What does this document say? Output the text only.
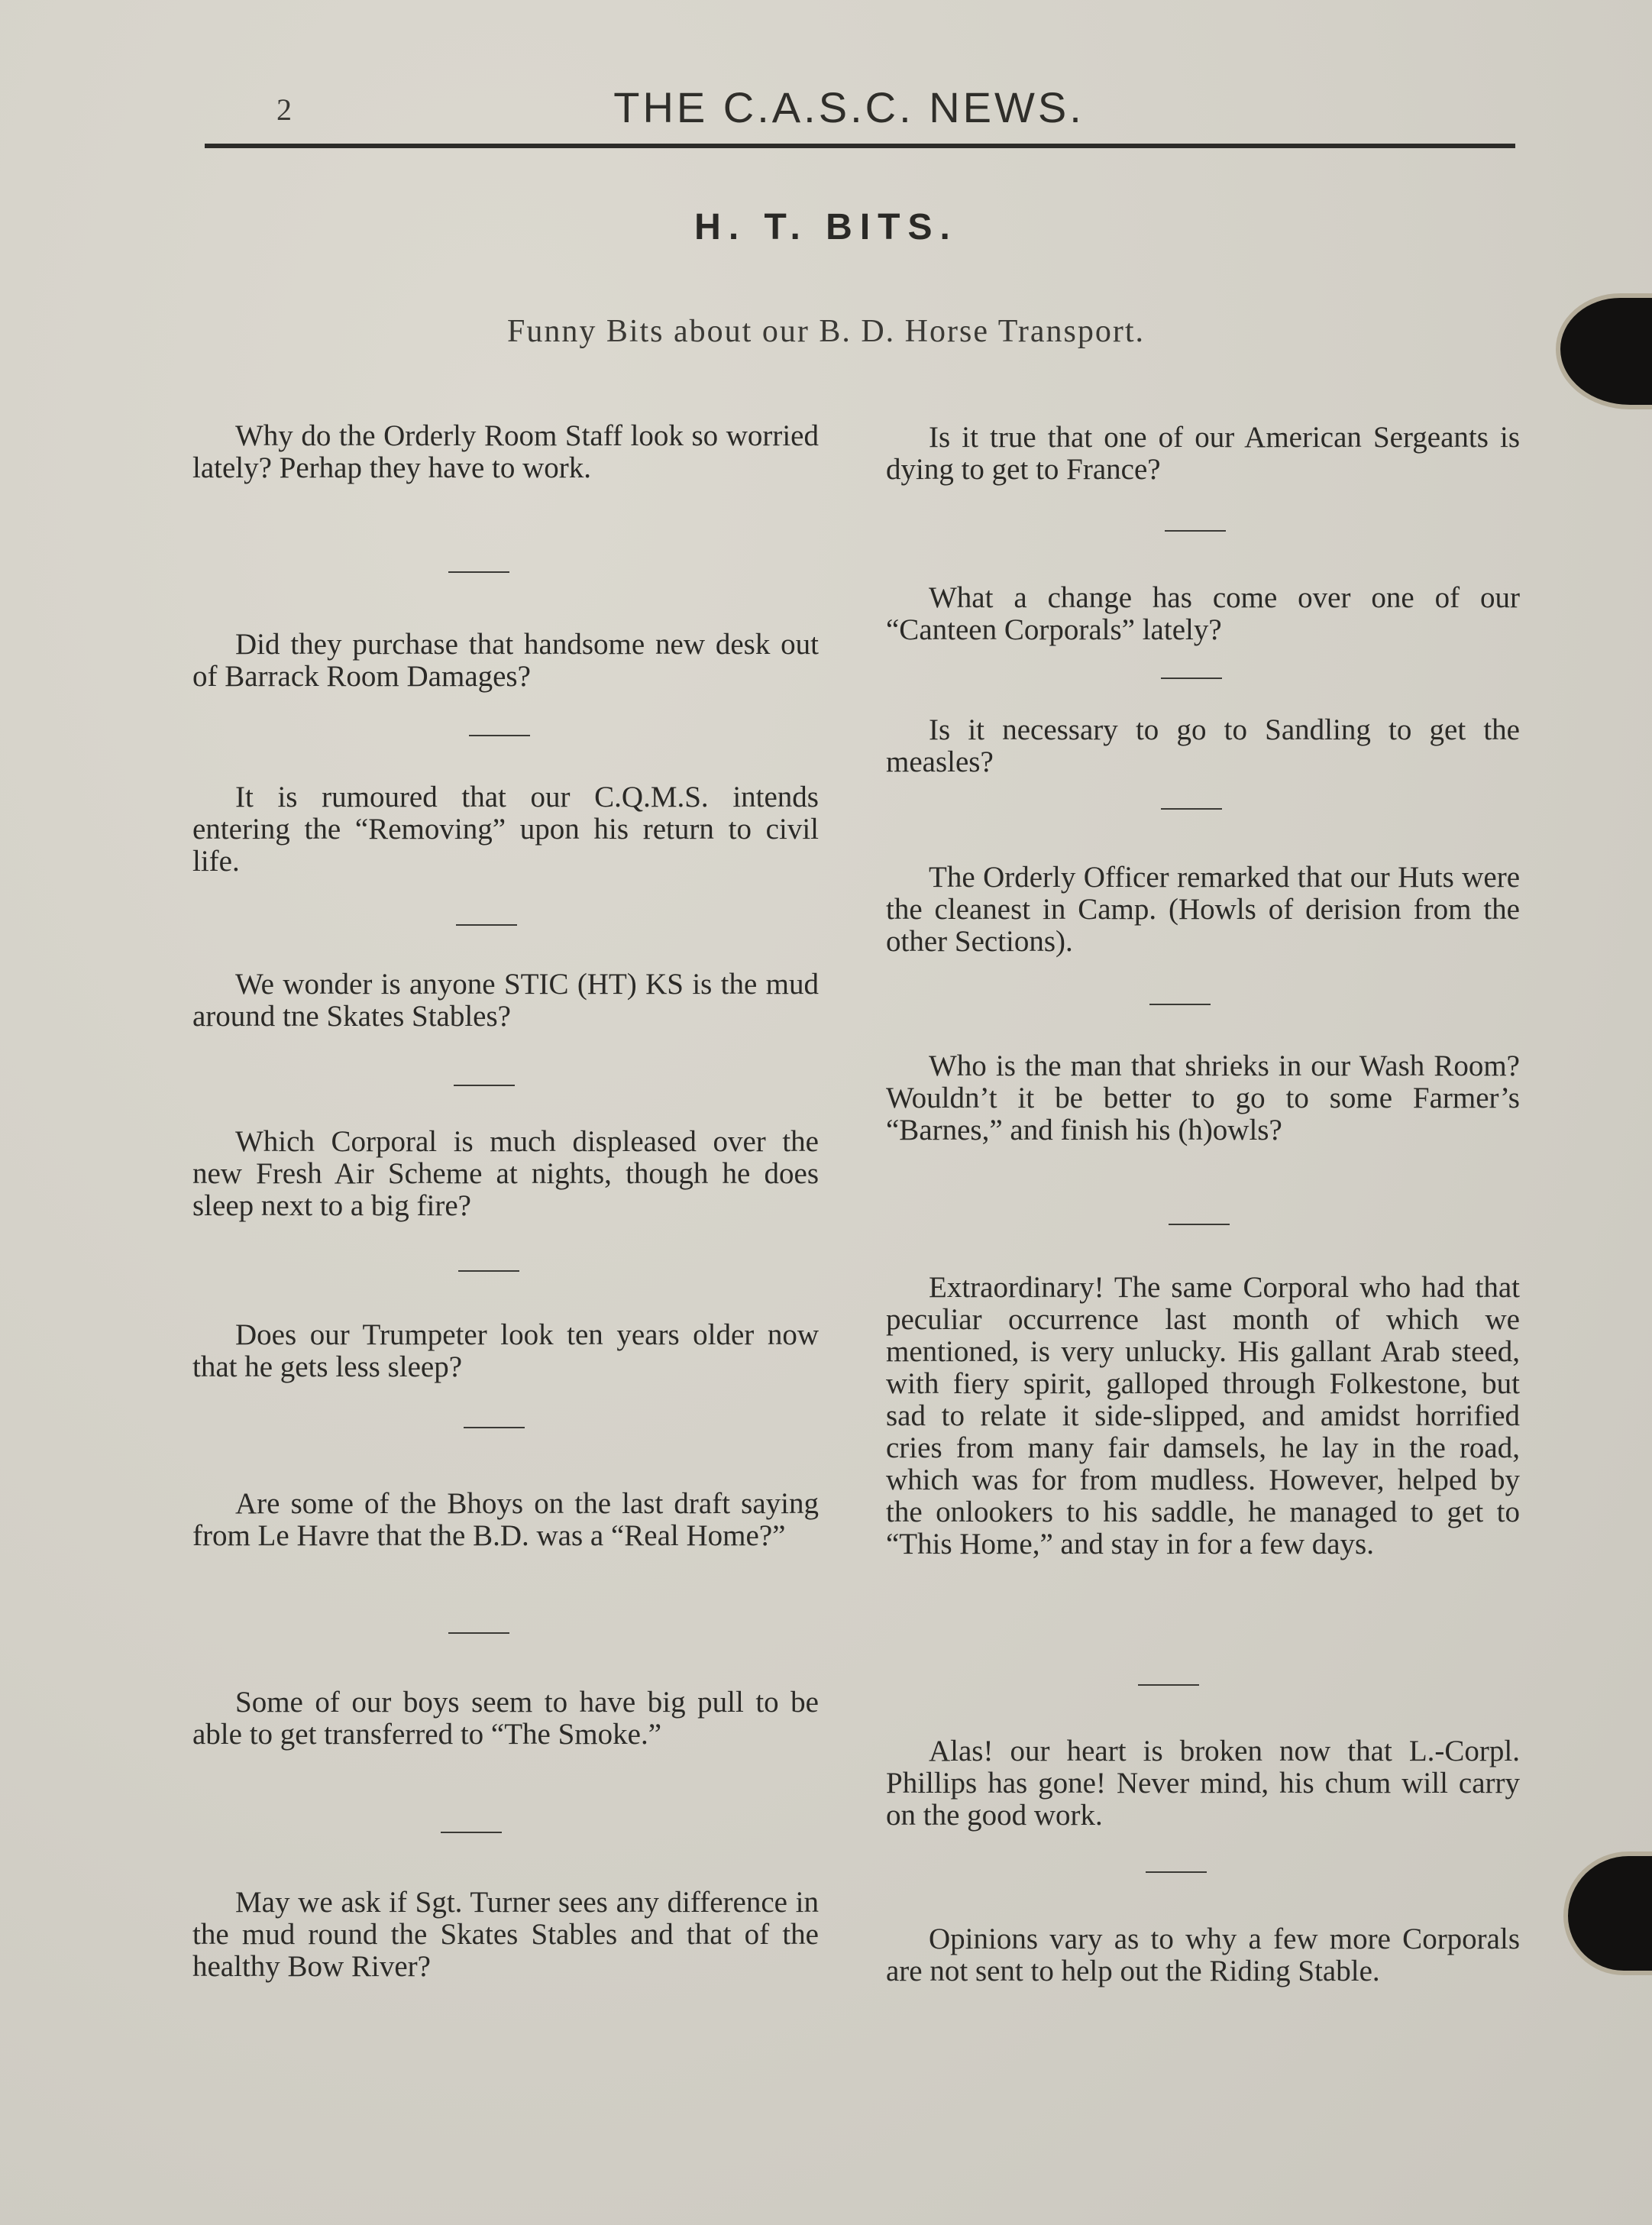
2	THE C.A.S.C. NEWS.
H. T. BITS.
Funny Bits about our B. D. Horse Transport.
Why do the Orderly Room Staff look so worried lately? Perhap they have to work.
Did they purchase that handsome new desk out of Barrack Room Damages?
It is rumoured that our C.Q.M.S. intends entering the “Removing” upon his return to civil life.
We wonder is anyone STIC (HT) KS is the mud around tne Skates Stables?
Which Corporal is much displeased over the new Fresh Air Scheme at nights, though he does sleep next to a big fire?
Does our Trumpeter look ten years older now that he gets less sleep?
Are some of the Bhoys on the last draft saying from Le Havre that the B.D. was a “Real Home?”
Some of our boys seem to have big pull to be able to get transferred to “The Smoke.”
May we ask if Sgt. Turner sees any difference in the mud round the Skates Stables and that of the healthy Bow River?
Is it true that one of our American Sergeants is dying to get to France?
What a change has come over one of our “Canteen Corporals” lately?
Is it necessary to go to Sandling to get the measles?
The Orderly Officer remarked that our Huts were the cleanest in Camp. (Howls of derision from the other Sections).
Who is the man that shrieks in our Wash Room? Wouldn’t it be better to go to some Farmer’s “Barnes,” and finish his (h)owls?
Extraordinary! The same Corporal who had that peculiar occurrence last month of which we mentioned, is very unlucky. His gallant Arab steed, with fiery spirit, galloped through Folkestone, but sad to relate it side-slipped, and amidst horrified cries from many fair damsels, he lay in the road, which was for from mudless. However, helped by the onlookers to his saddle, he managed to get to “This Home,” and stay in for a few days.
Alas! our heart is broken now that L.-Corpl. Phillips has gone! Never mind, his chum will carry on the good work.
Opinions vary as to why a few more Corporals are not sent to help out the Riding Stable.
